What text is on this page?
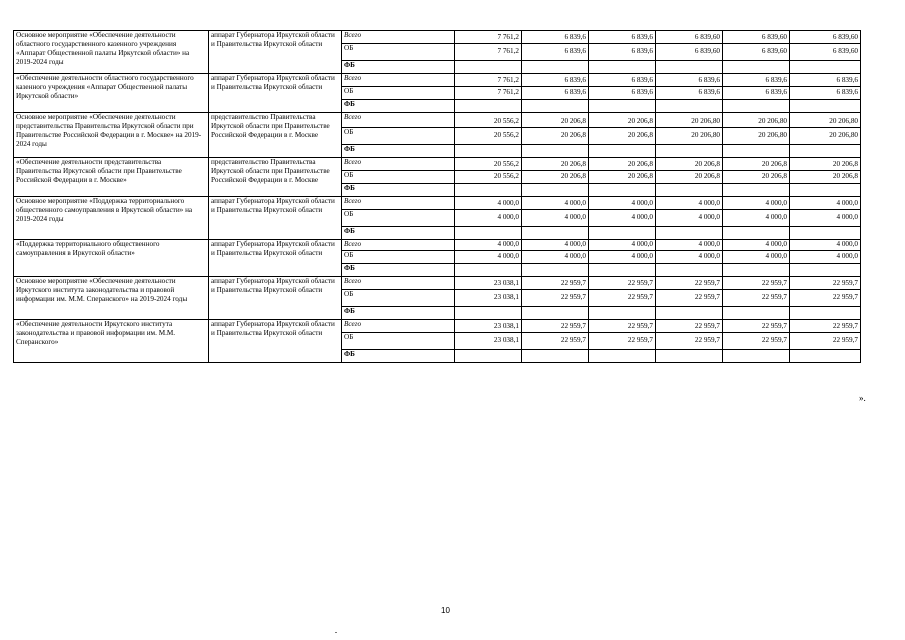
Основное мероприятие «Обеспечение деятельности областного государственного казенного учреждения «Аппарат Общественной палаты Иркутской области» на 2019-2024 годы	аппарат Губернатора Иркутской области и Правительства Иркутской области	Всего	7 761,2	6 839,6	6 839,6	6 839,60	6 839,60	6 839,60
		ОБ	7 761,2	6 839,6	6 839,6	6 839,60	6 839,60	6 839,60
		ФБ						
«Обеспечение деятельности областного государственного казенного учреждения «Аппарат Общественной палаты Иркутской области»	аппарат Губернатора Иркутской области и Правительства Иркутской области	Всего	7 761,2	6 839,6	6 839,6	6 839,6	6 839,6	6 839,6
		ОБ	7 761,2	6 839,6	6 839,6	6 839,6	6 839,6	6 839,6
		ФБ						
Основное мероприятие «Обеспечение деятельности представительства Правительства Иркутской области при Правительстве Российской Федерации в г. Москве» на 2019-2024 годы	представительство Правительства Иркутской области при Правительстве Российской Федерации в г. Москве	Всего	20 556,2	20 206,8	20 206,8	20 206,80	20 206,80	20 206,80
		ОБ	20 556,2	20 206,8	20 206,8	20 206,80	20 206,80	20 206,80
		ФБ						
«Обеспечение деятельности представительства Правительства Иркутской области при Правительстве Российской Федерации в г. Москве»	представительство Правительства Иркутской области при Правительстве Российской Федерации в г. Москве	Всего	20 556,2	20 206,8	20 206,8	20 206,8	20 206,8	20 206,8
		ОБ	20 556,2	20 206,8	20 206,8	20 206,8	20 206,8	20 206,8
		ФБ						
Основное мероприятие «Поддержка территориального общественного самоуправления в Иркутской области» на 2019-2024 годы	аппарат Губернатора Иркутской области и Правительства Иркутской области	Всего	4 000,0	4 000,0	4 000,0	4 000,0	4 000,0	4 000,0
		ОБ	4 000,0	4 000,0	4 000,0	4 000,0	4 000,0	4 000,0
		ФБ						
«Поддержка территориального общественного самоуправления в Иркутской области»	аппарат Губернатора Иркутской области и Правительства Иркутской области	Всего	4 000,0	4 000,0	4 000,0	4 000,0	4 000,0	4 000,0
		ОБ	4 000,0	4 000,0	4 000,0	4 000,0	4 000,0	4 000,0
		ФБ						
Основное мероприятие «Обеспечение деятельности Иркутского института законодательства и правовой информации им. М.М. Сперанского» на 2019-2024 годы	аппарат Губернатора Иркутской области и Правительства Иркутской области	Всего	23 038,1	22 959,7	22 959,7	22 959,7	22 959,7	22 959,7
		ОБ	23 038,1	22 959,7	22 959,7	22 959,7	22 959,7	22 959,7
		ФБ						
«Обеспечение деятельности Иркутского института законодательства и правовой информации им. М.М. Сперанского»	аппарат Губернатора Иркутской области и Правительства Иркутской области	Всего	23 038,1	22 959,7	22 959,7	22 959,7	22 959,7	22 959,7
		ОБ	23 038,1	22 959,7	22 959,7	22 959,7	22 959,7	22 959,7
		ФБ						
».
10
